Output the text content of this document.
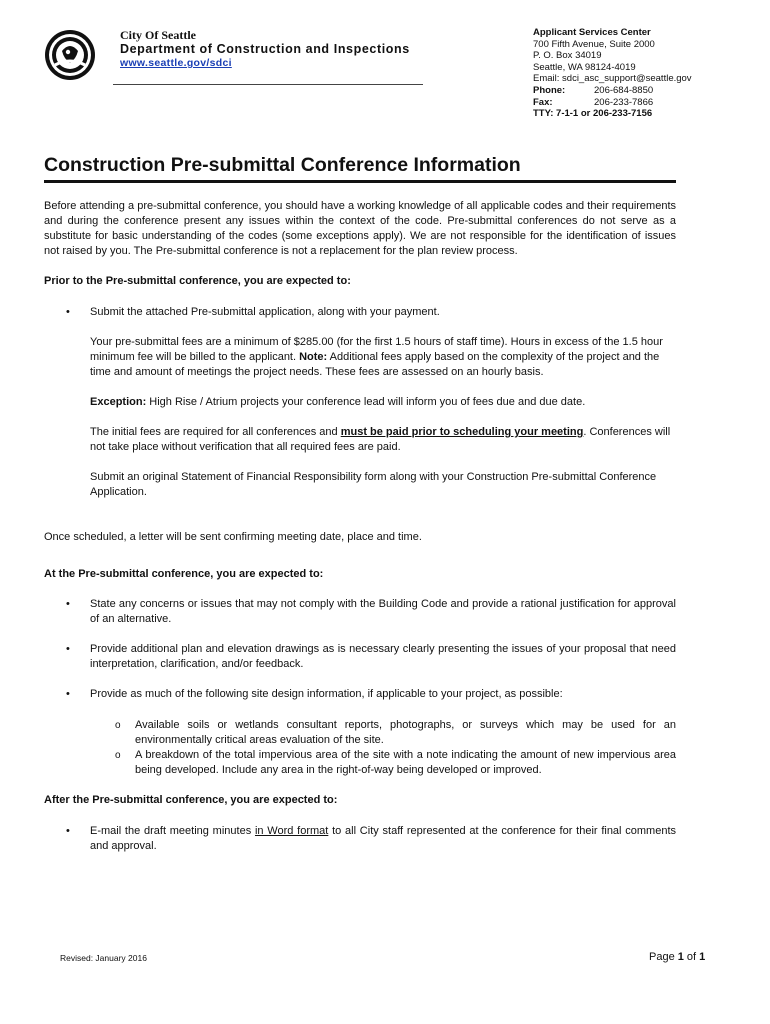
City Of Seattle
Department of Construction and Inspections
www.seattle.gov/sdci
Applicant Services Center
700 Fifth Avenue, Suite 2000
P. O. Box 34019
Seattle, WA 98124-4019
Email: sdci_asc_support@seattle.gov
Phone:	206-684-8850
Fax:	206-233-7866
TTY: 7-1-1 or 206-233-7156
Construction Pre-submittal Conference Information

Before attending a pre-submittal conference, you should have a working knowledge of all applicable codes and their requirements and during the conference present any issues within the context of the code. Pre-submittal conferences do not serve as a substitute for basic understanding of the codes (some exceptions apply). We are not responsible for the identification of issues not raised by you. The Pre-submittal conference is not a replacement for the plan review process.

Prior to the Pre-submittal conference, you are expected to:

• Submit the attached Pre-submittal application, along with your payment.

Your pre-submittal fees are a minimum of $285.00 (for the first 1.5 hours of staff time). Hours in excess of the 1.5 hour minimum fee will be billed to the applicant. Note: Additional fees apply based on the complexity of the project and the time and amount of meetings the project needs. These fees are assessed on an hourly basis.

Exception: High Rise / Atrium projects your conference lead will inform you of fees due and due date.

The initial fees are required for all conferences and must be paid prior to scheduling your meeting. Conferences will not take place without verification that all required fees are paid.

Submit an original Statement of Financial Responsibility form along with your Construction Pre-submittal Conference Application.

Once scheduled, a letter will be sent confirming meeting date, place and time.

At the Pre-submittal conference, you are expected to:

• State any concerns or issues that may not comply with the Building Code and provide a rational justification for approval of an alternative.
• Provide additional plan and elevation drawings as is necessary clearly presenting the issues of your proposal that need interpretation, clarification, and/or feedback.
• Provide as much of the following site design information, if applicable to your project, as possible:
o Available soils or wetlands consultant reports, photographs, or surveys which may be used for an environmentally critical areas evaluation of the site.
o A breakdown of the total impervious area of the site with a note indicating the amount of new impervious area being developed. Include any area in the right-of-way being developed or improved.

After the Pre-submittal conference, you are expected to:

• E-mail the draft meeting minutes in Word format to all City staff represented at the conference for their final comments and approval.
Revised: January 2016	Page 1 of 1
